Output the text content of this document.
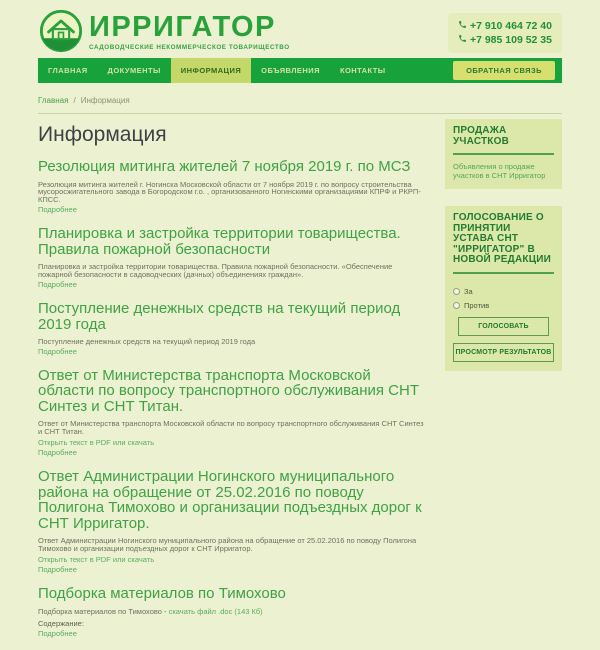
ИРРИГАТОР
САДОВОДЧЕСКИЕ НЕКОММЕРЧЕСКОЕ ТОВАРИЩЕСТВО
+7 910 464 72 40
+7 985 109 52 35
ГЛАВНАЯ	ДОКУМЕНТЫ	ИНФОРМАЦИЯ	ОБЪЯВЛЕНИЯ	КОНТАКТЫ	ОБРАТНАЯ СВЯЗЬ
Главная / Информация
Информация
Резолюция митинга жителей 7 ноября 2019 г. по МСЗ

Резолюция митинга жителей г. Ногинска Московской области от 7 ноября 2019 г. по вопросу строительства мусоросжигательного завода в Богородском г.о. , организованного Ногинскими организациями КПРФ и РКРП-КПСС.

Подробнее
Планировка и застройка территории товарищества. Правила пожарной безопасности

Планировка и застройка территории товарищества. Правила пожарной безопасности. «Обеспечение пожарной безопасности в садоводческих (дачных) объединениях граждан».

Подробнее
Поступление денежных средств на текущий период 2019 года

Поступление денежных средств на текущий период 2019 года

Подробнее
Ответ от Министерства транспорта Московской области по вопросу транспортного обслуживания СНТ Синтез и СНТ Титан.

Ответ от Министерства транспорта Московской области по вопросу транспортного обслуживания СНТ Синтез и СНТ Титан.

Открыть текст в PDF или скачать
Подробнее
Ответ Администрации Ногинского муниципального района на обращение от 25.02.2016 по поводу Полигона Тимохово и организации подъездных дорог к СНТ Ирригатор.

Ответ Администрации Ногинского муниципального района на обращение от 25.02.2016 по поводу Полигона Тимохово и организации подъездных дорог к СНТ Ирригатор.

Открыть текст в PDF или скачать
Подробнее
Подборка материалов по Тимохово

Подборка материалов по Тимохово - скачать файл .doc (143 Кб)

Содержание:

Подробнее
ПРОДАЖА УЧАСТКОВ
Объявления о продаже участков в СНТ Ирригатор
ГОЛОСОВАНИЕ О ПРИНЯТИИ УСТАВА СНТ "ИРРИГАТОР" В НОВОЙ РЕДАКЦИИ
За
Против
ГОЛОСОВАТЬ
ПРОСМОТР РЕЗУЛЬТАТОВ
